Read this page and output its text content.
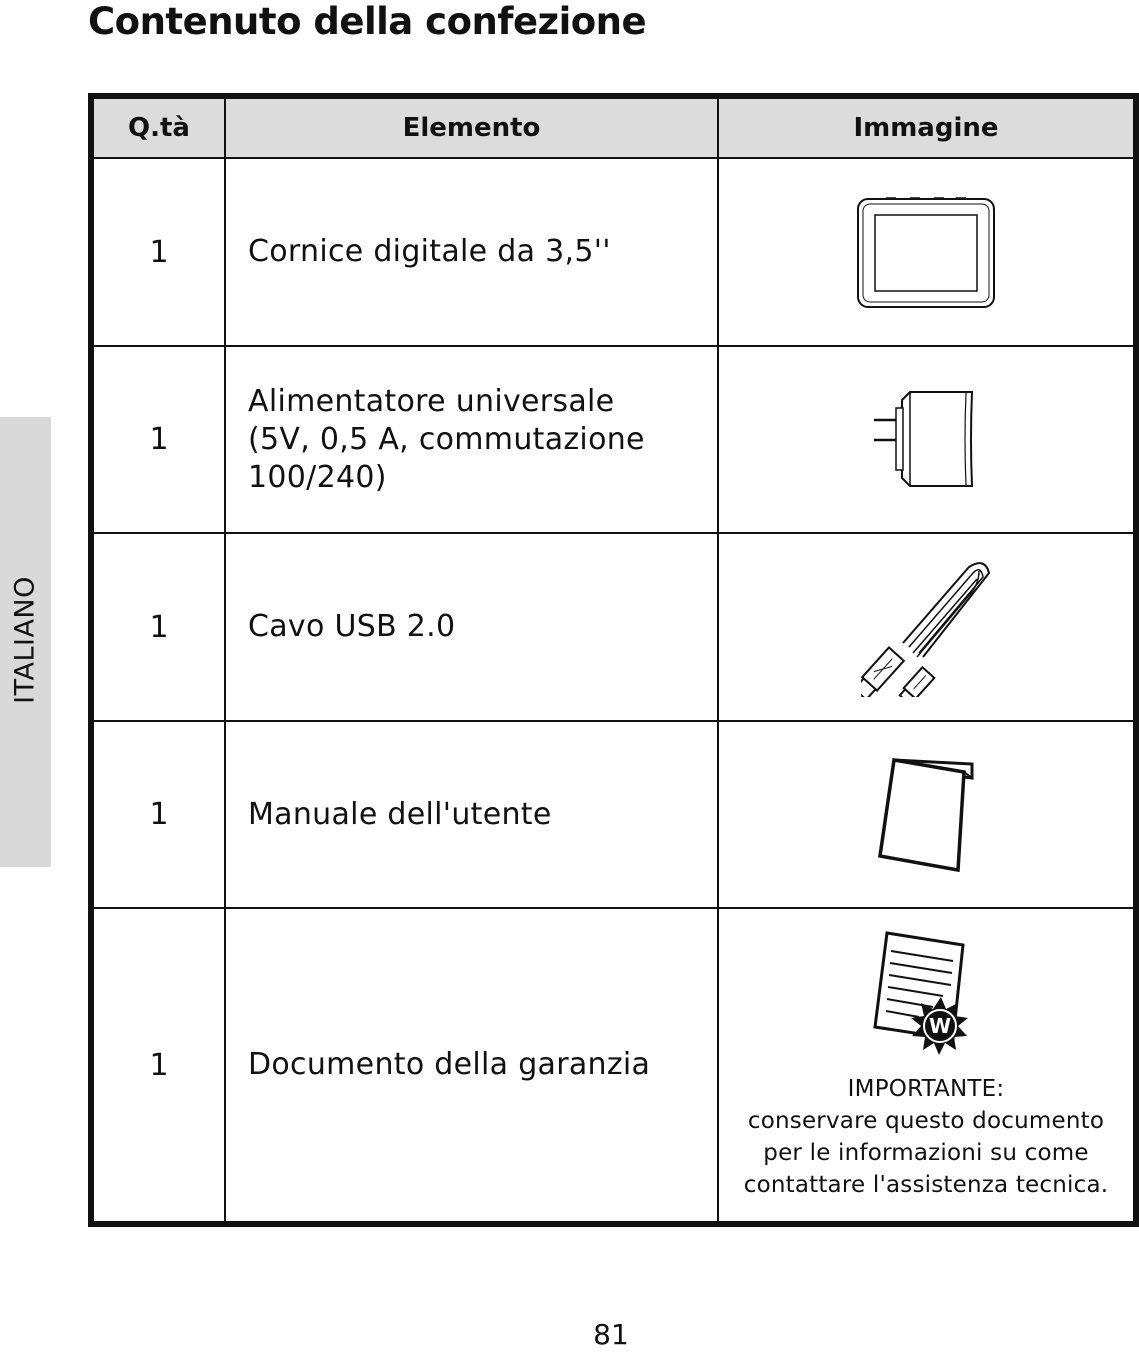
Contenuto della confezione
ITALIANO
Q.tà	Elemento	Immagine
1	Cornice digitale da 3,5''	
1	Alimentatore universale
(5V, 0,5 A, commutazione
100/240)

1	Cavo USB 2.0	
1	Manuale dell'utente	
1	Documento della garanzia	W
IMPORTANTE:
conservare questo documento
per le informazioni su come
contattare l'assistenza tecnica.
81
